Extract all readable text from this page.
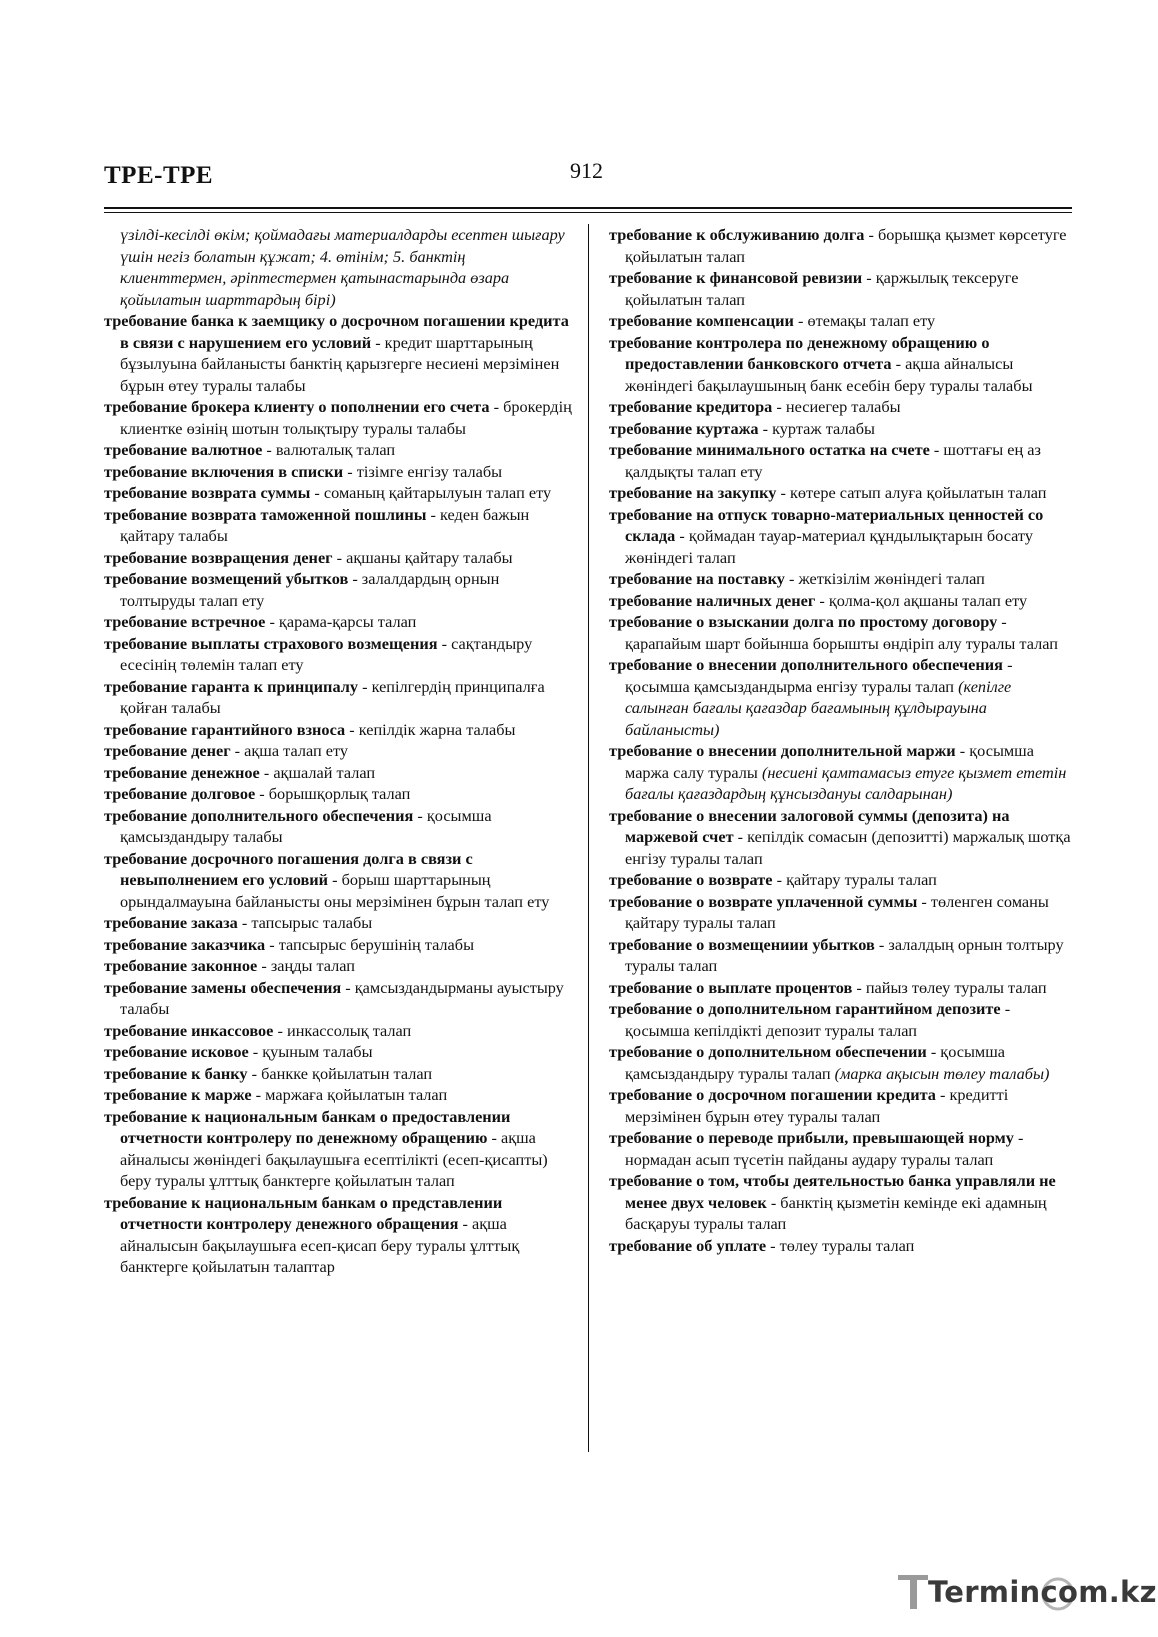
ТРЕ-ТРЕ	912

үзілді-кесілді өкім; қоймадағы материалдарды есептен шығару үшін негіз болатын құжат; 4. өтінім; 5. банктің клиенттермен, әріптестермен қатынастарында өзара қойылатын шарттардың бірі)

требование банка к заемщику о досрочном погашении кредита в связи с нарушением его условий - кредит шарттарының бұзылуына байланысты банктің қарызгерге несиені мерзімінен бұрын өтеу туралы талабы

требование брокера клиенту о пополнении его счета - брокердің клиентке өзінің шотын толықтыру туралы талабы

требование валютное - валюталық талап

требование включения в списки - тізімге енгізу талабы

требование возврата суммы - соманың қайтарылуын талап ету

требование возврата таможенной пошлины - кеден бажын қайтару талабы

требование возвращения денег - ақшаны қайтару талабы

требование возмещений убытков - залалдардың орнын толтыруды талап ету

требование встречное - қарама-қарсы талап

требование выплаты страхового возмещения - сақтандыру есесінің төлемін талап ету

требование гаранта к принципалу - кепілгердің принципалға қойған талабы

требование гарантийного взноса - кепілдік жарна талабы

требование денег - ақша талап ету

требование денежное - ақшалай талап

требование долговое - борышқорлық талап

требование дополнительного обеспечения - қосымша қамсыздандыру талабы

требование досрочного погашения долга в связи с невыполнением его условий - борыш шарттарының орындалмауына байланысты оны мерзімінен бұрын талап ету

требование заказа - тапсырыс талабы

требование заказчика - тапсырыс берушінің талабы

требование законное - заңды талап

требование замены обеспечения - қамсыздандырманы ауыстыру талабы

требование инкассовое - инкассолық талап

требование исковое - қуыным талабы

требование к банку - банкке қойылатын талап

требование к марже - маржаға қойылатын талап

требование к национальным банкам о предоставлении отчетности контролеру по денежному обращению - ақша айналысы жөніндегі бақылаушыға есептілікті (есеп-қисапты) беру туралы ұлттық банктерге қойылатын талап

требование к национальным банкам о представлении отчетности контролеру денежного обращения - ақша айналысын бақылаушыға есеп-қисап беру туралы ұлттық банктерге қойылатын талаптар

требование к обслуживанию долга - борышқа қызмет көрсетуге қойылатын талап

требование к финансовой ревизии - қаржылық тексеруге қойылатын талап

требование компенсации - өтемақы талап ету

требование контролера по денежному обращению о предоставлении банковского отчета - ақша айналысы жөніндегі бақылаушының банк есебін беру туралы талабы

требование кредитора - несиегер талабы

требование куртажа - куртаж талабы

требование минимального остатка на счете - шоттағы ең аз қалдықты талап ету

требование на закупку - көтере сатып алуға қойылатын талап

требование на отпуск товарно-материальных ценностей со склада - қоймадан тауар-материал құндылықтарын босату жөніндегі талап

требование на поставку - жеткізілім жөніндегі талап

требование наличных денег - қолма-қол ақшаны талап ету

требование о взыскании долга по простому договору - қарапайым шарт бойынша борышты өндіріп алу туралы талап

требование о внесении дополнительного обеспечения - қосымша қамсыздандырма енгізу туралы талап (кепілге салынған бағалы қағаздар бағамының құлдырауына байланысты)

требование о внесении дополнительной маржи - қосымша маржа салу туралы (несиені қамтамасыз етуге қызмет ететін бағалы қағаздардың құнсыздануы салдарынан)

требование о внесении залоговой суммы (депозита) на маржевой счет - кепілдік сомасын (депозитті) маржалық шотқа енгізу туралы талап

требование о возврате - қайтару туралы талап

требование о возврате уплаченной суммы - төленген соманы қайтару туралы талап

требование о возмещениии убытков - залалдың орнын толтыру туралы талап

требование о выплате процентов - пайыз төлеу туралы талап

требование о дополнительном гарантийном депозите - қосымша кепілдікті депозит туралы талап

требование о дополнительном обеспечении - қосымша қамсыздандыру туралы талап (марка ақысын төлеу талабы)

требование о досрочном погашении кредита - кредитті мерзімінен бұрын өтеу туралы талап

требование о переводе прибыли, превышающей норму - нормадан асып түсетін пайданы аудару туралы талап

требование о том, чтобы деятельностью банка управляли не менее двух человек - банктің қызметін кемінде екі адамның басқаруы туралы талап

требование об уплате - төлеу туралы талап

Termincom.kz
